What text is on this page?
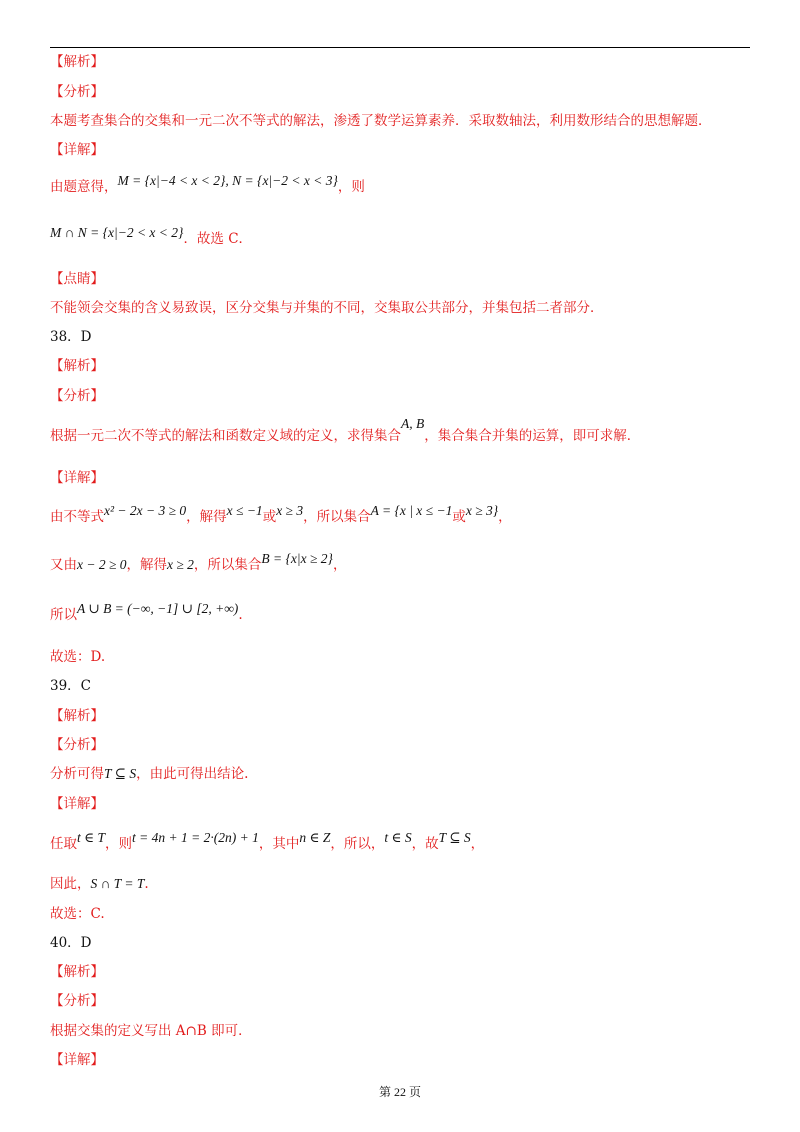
【解析】
【分析】
本题考查集合的交集和一元二次不等式的解法，渗透了数学运算素养．采取数轴法，利用数形结合的思想解题．
【详解】
由题意得，M = {x|−4 < x < 2}, N = {x|−2 < x < 3}，则
M ∩ N = {x|−2 < x < 2}．故选 C．
【点睛】
不能领会交集的含义易致误，区分交集与并集的不同，交集取公共部分，并集包括二者部分．
38．D
【解析】
【分析】
根据一元二次不等式的解法和函数定义域的定义，求得集合A, B，集合集合并集的运算，即可求解．
【详解】
由不等式x² − 2x − 3 ≥ 0，解得x ≤ −1或x ≥ 3，所以集合A = {x | x ≤ −1或x ≥ 3}，
又由x − 2 ≥ 0，解得x ≥ 2，所以集合B = {x|x ≥ 2}，
所以A ∪ B = (−∞, −1] ∪ [2, +∞).
故选：D.
39．C
【解析】
【分析】
分析可得T ⊆ S，由此可得出结论.
【详解】
任取t ∈ T，则t = 4n + 1 = 2·(2n) + 1，其中n ∈ Z，所以，t ∈ S，故T ⊆ S，
因此，S ∩ T = T.
故选：C.
40．D
【解析】
【分析】
根据交集的定义写出 A∩B 即可．
【详解】
第 22 页
